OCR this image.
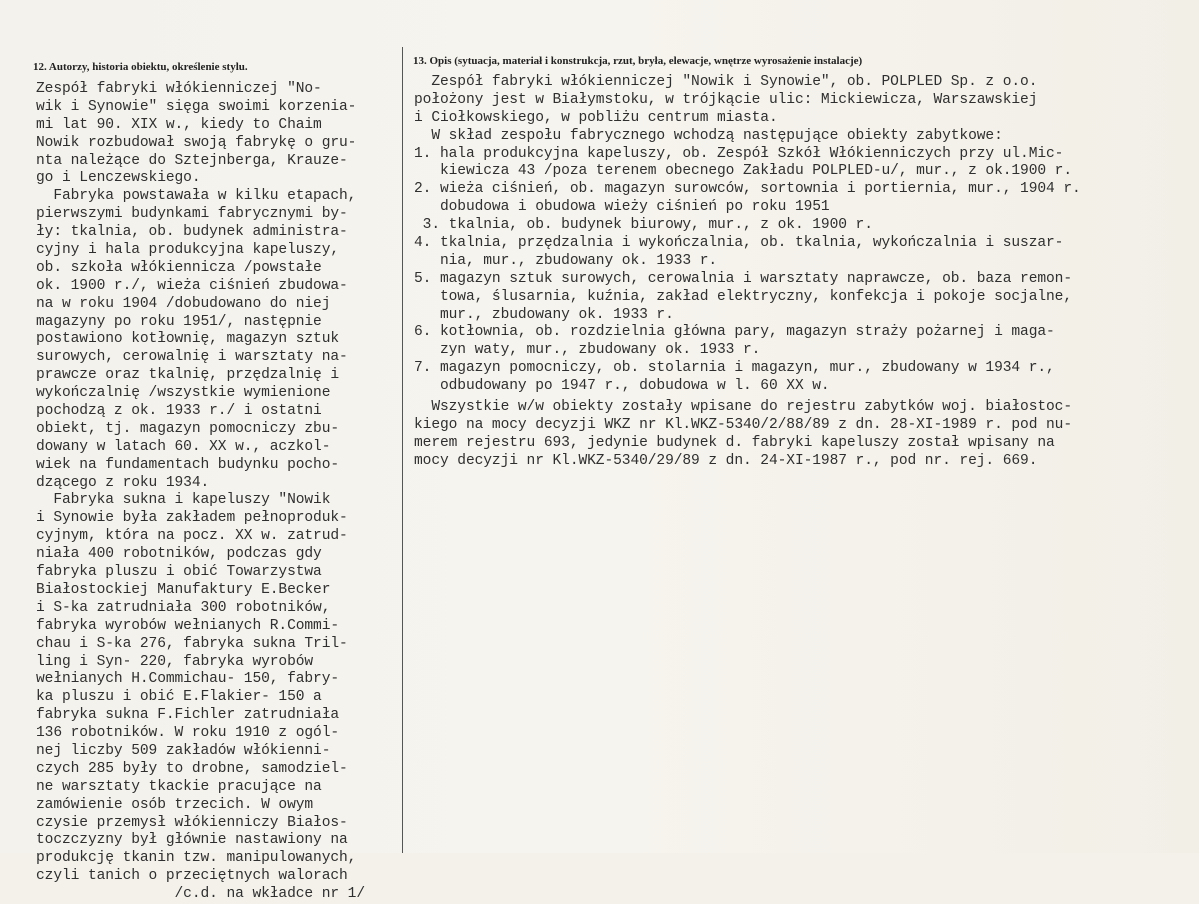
12. Autorzy, historia obiektu, określenie stylu.	13. Opis (sytuacja, materiał i konstrukcja, rzut, bryła, elewacje, wnętrze wyrosażenie instalacje)
Zespół fabryki włókienniczej "No-
wik i Synowie" sięga swoimi korzenia-
mi lat 90. XIX w., kiedy to Chaim
Nowik rozbudował swoją fabrykę o gru-
nta należące do Sztejnberga, Krauze-
go i Lenczewskiego.
Fabryka powstawała w kilku etapach,
pierwszymi budynkami fabrycznymi by-
ły: tkalnia, ob. budynek administra-
cyjny i hala produkcyjna kapeluszy,
ob. szkoła włókiennicza /powstałe
ok. 1900 r./, wieża ciśnień zbudowa-
na w roku 1904 /dobudowano do niej
magazyny po roku 1951/, następnie
postawiono kotłownię, magazyn sztuk
surowych, cerowalnię i warsztaty na-
prawcze oraz tkalnię, przędzalnię i
wykończalnię /wszystkie wymienione
pochodzą z ok. 1933 r./ i ostatni
obiekt, tj. magazyn pomocniczy zbu-
dowany w latach 60. XX w., aczkol-
wiek na fundamentach budynku pocho-
dzącego z roku 1934.
Fabryka sukna i kapeluszy "Nowik
i Synowie była zakładem pełnoproduk-
cyjnym, która na pocz. XX w. zatrud-
niała 400 robotników, podczas gdy
fabryka pluszu i obić Towarzystwa
Białostockiej Manufaktury E.Becker
i S-ka zatrudniała 300 robotników,
fabryka wyrobów wełnianych R.Commi-
chau i S-ka 276, fabryka sukna Tril-
ling i Syn- 220, fabryka wyrobów
wełnianych H.Commichau- 150, fabry-
ka pluszu i obić E.Flakier- 150 a
fabryka sukna F.Fichler zatrudniała
136 robotników. W roku 1910 z ogól-
nej liczby 509 zakładów włókienni-
czych 285 były to drobne, samodziel-
ne warsztaty tkackie pracujące na
zamówienie osób trzecich. W owym
czysie przemysł włókienniczy Białos-
toczczyzny był głównie nastawiony na
produkcję tkanin tzw. manipulowanych,
czyli tanich o przeciętnych walorach
/c.d. na wkładce nr 1/
Zespół fabryki włókienniczej "Nowik i Synowie", ob. POLPLED Sp. z o.o.
położony jest w Białymstoku, w trójkącie ulic: Mickiewicza, Warszawskiej
i Ciołkowskiego, w pobliżu centrum miasta.
W skład zespołu fabrycznego wchodzą następujące obiekty zabytkowe:
1. hala produkcyjna kapeluszy, ob. Zespół Szkół Włókienniczych przy ul.Mic-
kiewicza 43 /poza terenem obecnego Zakładu POLPLED-u/, mur., z ok.1900 r.
2. wieża ciśnień, ob. magazyn surowców, sortownia i portiernia, mur., 1904 r.
dobudowa i obudowa wieży ciśnień po roku 1951
3. tkalnia, ob. budynek biurowy, mur., z ok. 1900 r.
4. tkalnia, przędzalnia i wykończalnia, ob. tkalnia, wykończalnia i suszar-
nia, mur., zbudowany ok. 1933 r.
5. magazyn sztuk surowych, cerowalnia i warsztaty naprawcze, ob. baza remon-
towa, ślusarnia, kuźnia, zakład elektryczny, konfekcja i pokoje socjalne,
mur., zbudowany ok. 1933 r.
6. kotłownia, ob. rozdzielnia główna pary, magazyn straży pożarnej i maga-
zyn waty, mur., zbudowany ok. 1933 r.
7. magazyn pomocniczy, ob. stolarnia i magazyn, mur., zbudowany w 1934 r.,
odbudowany po 1947 r., dobudowa w l. 60 XX w.
Wszystkie w/w obiekty zostały wpisane do rejestru zabytków woj. białostoc-
kiego na mocy decyzji WKZ nr Kl.WKZ-5340/2/88/89 z dn. 28-XI-1989 r. pod nu-
merem rejestru 693, jedynie budynek d. fabryki kapeluszy został wpisany na
mocy decyzji nr Kl.WKZ-5340/29/89 z dn. 24-XI-1987 r., pod nr. rej. 669.
